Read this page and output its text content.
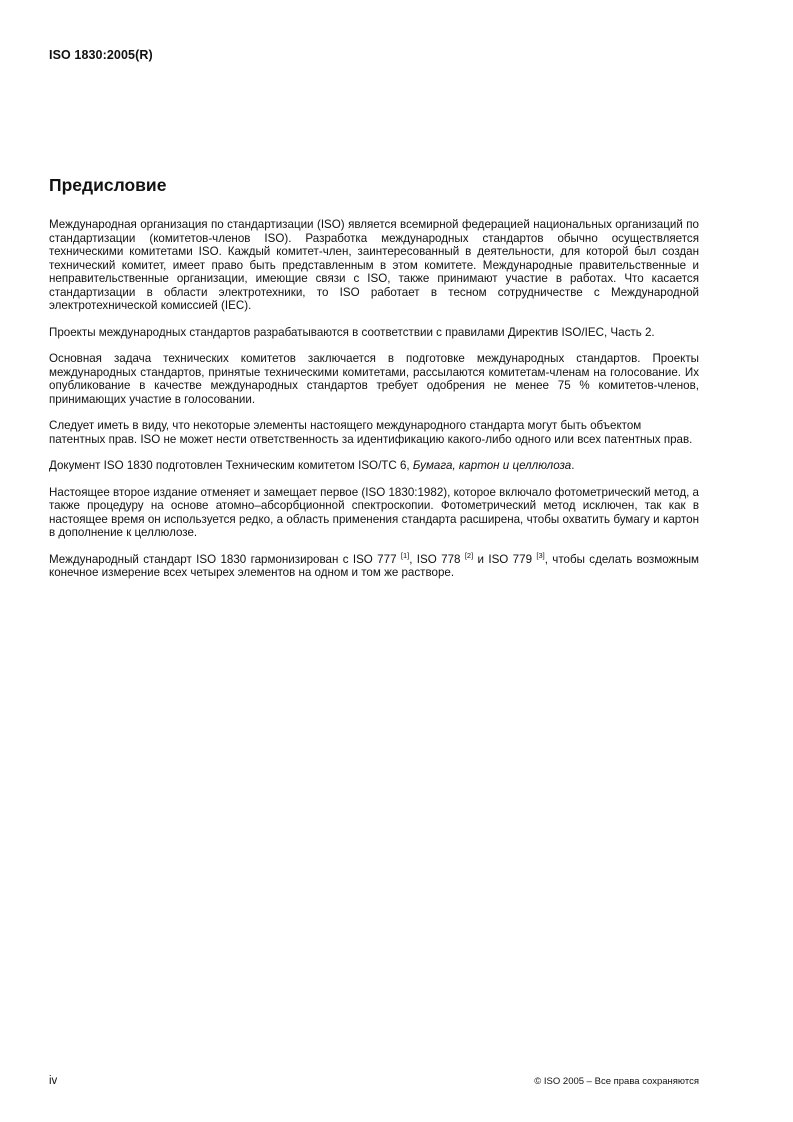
ISO 1830:2005(R)
Предисловие

Международная организация по стандартизации (ISO) является всемирной федерацией национальных организаций по стандартизации (комитетов-членов ISO). Разработка международных стандартов обычно осуществляется техническими комитетами ISO. Каждый комитет-член, заинтересованный в деятельности, для которой был создан технический комитет, имеет право быть представленным в этом комитете. Международные правительственные и неправительственные организации, имеющие связи с ISO, также принимают участие в работах. Что касается стандартизации в области электротехники, то ISO работает в тесном сотрудничестве с Международной электротехнической комиссией (IEC).

Проекты международных стандартов разрабатываются в соответствии с правилами Директив ISO/IEC, Часть 2.

Основная задача технических комитетов заключается в подготовке международных стандартов. Проекты международных стандартов, принятые техническими комитетами, рассылаются комитетам-членам на голосование. Их опубликование в качестве международных стандартов требует одобрения не менее 75 % комитетов-членов, принимающих участие в голосовании.

Следует иметь в виду, что некоторые элементы настоящего международного стандарта могут быть объектом патентных прав. ISO не может нести ответственность за идентификацию какого-либо одного или всех патентных прав.

Документ ISO 1830 подготовлен Техническим комитетом ISO/TC 6, Бумага, картон и целлюлоза.

Настоящее второе издание отменяет и замещает первое (ISO 1830:1982), которое включало фотометрический метод, а также процедуру на основе атомно–абсорбционной спектроскопии. Фотометрический метод исключен, так как в настоящее время он используется редко, а область применения стандарта расширена, чтобы охватить бумагу и картон в дополнение к целлюлозе.

Международный стандарт ISO 1830 гармонизирован с ISO 777 [1], ISO 778 [2] и ISO 779 [3], чтобы сделать возможным конечное измерение всех четырех элементов на одном и том же растворе.

iv	© ISO 2005 – Все права сохраняются
